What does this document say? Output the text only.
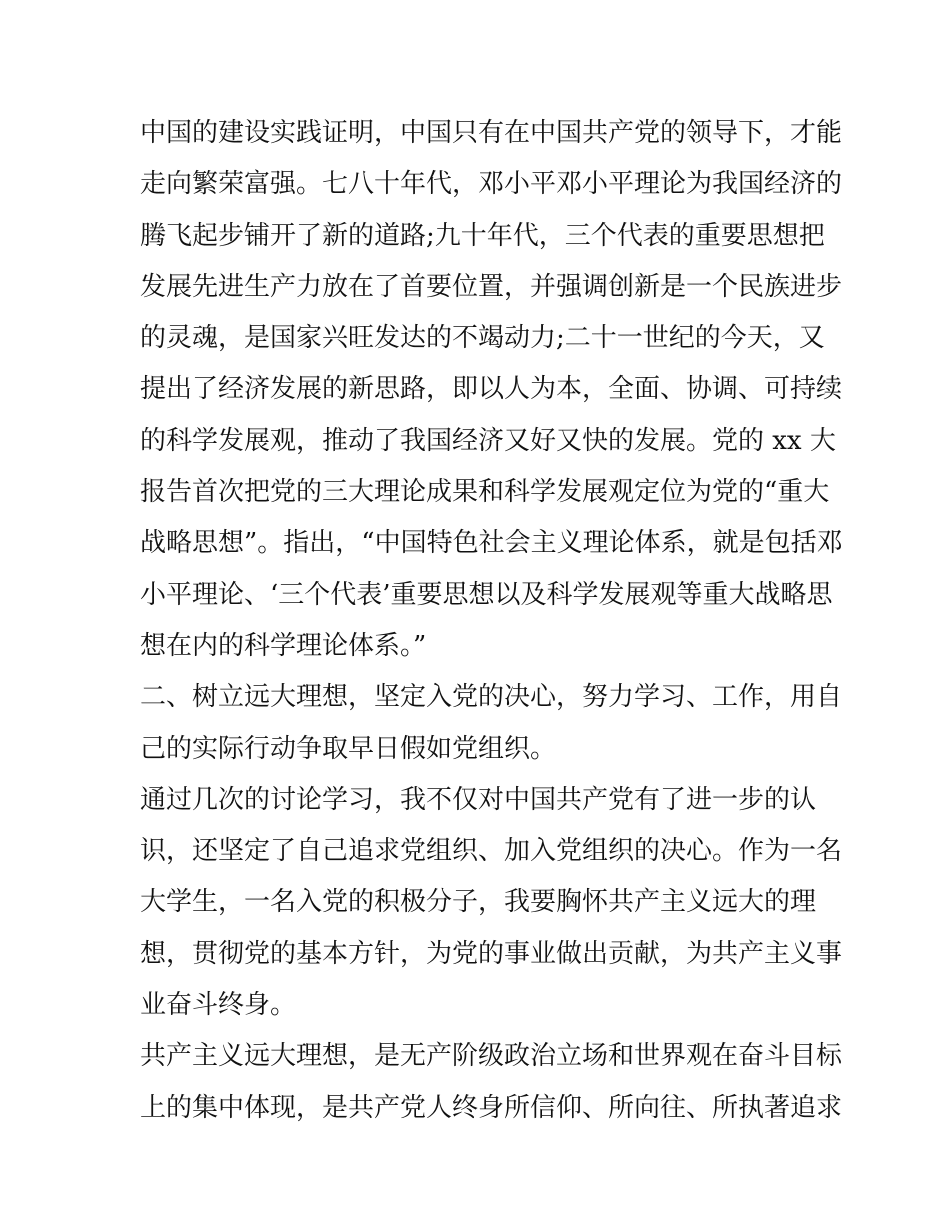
中国的建设实践证明，中国只有在中国共产党的领导下，才能
走向繁荣富强。七八十年代，邓小平邓小平理论为我国经济的
腾飞起步铺开了新的道路;九十年代，三个代表的重要思想把
发展先进生产力放在了首要位置，并强调创新是一个民族进步
的灵魂，是国家兴旺发达的不竭动力;二十一世纪的今天，又
提出了经济发展的新思路，即以人为本，全面、协调、可持续
的科学发展观，推动了我国经济又好又快的发展。党的 xx 大
报告首次把党的三大理论成果和科学发展观定位为党的“重大
战略思想”。指出，“中国特色社会主义理论体系，就是包括邓
小平理论、‘三个代表’重要思想以及科学发展观等重大战略思
想在内的科学理论体系。”
二、树立远大理想，坚定入党的决心，努力学习、工作，用自
己的实际行动争取早日假如党组织。
通过几次的讨论学习，我不仅对中国共产党有了进一步的认
识，还坚定了自己追求党组织、加入党组织的决心。作为一名
大学生，一名入党的积极分子，我要胸怀共产主义远大的理
想，贯彻党的基本方针，为党的事业做出贡献，为共产主义事
业奋斗终身。
共产主义远大理想，是无产阶级政治立场和世界观在奋斗目标
上的集中体现，是共产党人终身所信仰、所向往、所执著追求
